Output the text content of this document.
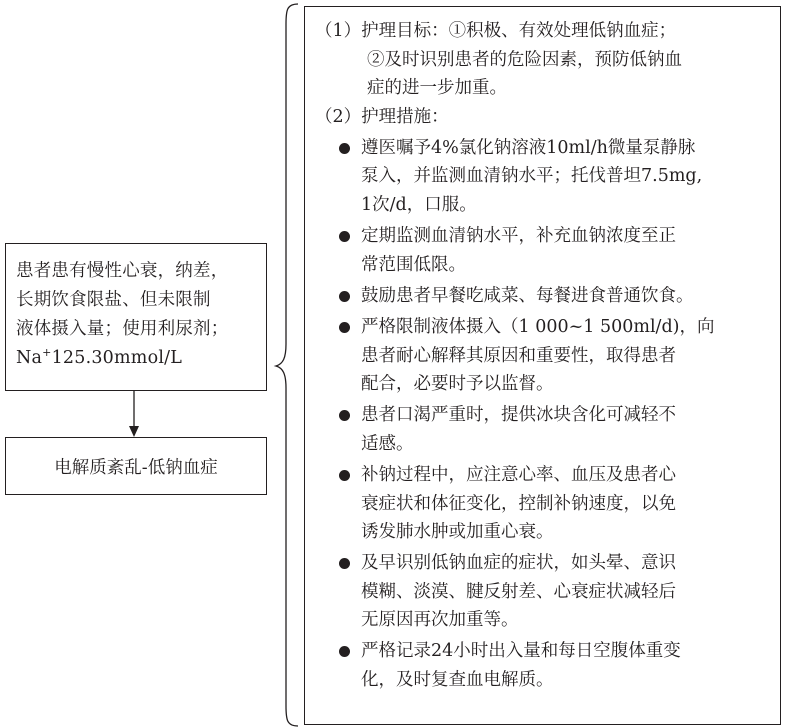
患者患有慢性心衰，纳差，
长期饮食限盐、但未限制
液体摄入量；使用利尿剂；
Na+125.30mmol/L
电解质紊乱-低钠血症
（1）护理目标：①积极、有效处理低钠血症；
②及时识别患者的危险因素，预防低钠血
症的进一步加重。
（2）护理措施：
遵医嘱予4%氯化钠溶液10ml/h微量泵静脉
泵入，并监测血清钠水平；托伐普坦7.5mg,
1次/d，口服。
定期监测血清钠水平，补充血钠浓度至正
常范围低限。
鼓励患者早餐吃咸菜、每餐进食普通饮食。
严格限制液体摄入（1 000~1 500ml/d)，向
患者耐心解释其原因和重要性，取得患者
配合，必要时予以监督。
患者口渴严重时，提供冰块含化可减轻不
适感。
补钠过程中，应注意心率、血压及患者心
衰症状和体征变化，控制补钠速度，以免
诱发肺水肿或加重心衰。
及早识别低钠血症的症状，如头晕、意识
模糊、淡漠、腱反射差、心衰症状减轻后
无原因再次加重等。
严格记录24小时出入量和每日空腹体重变
化，及时复查血电解质。
